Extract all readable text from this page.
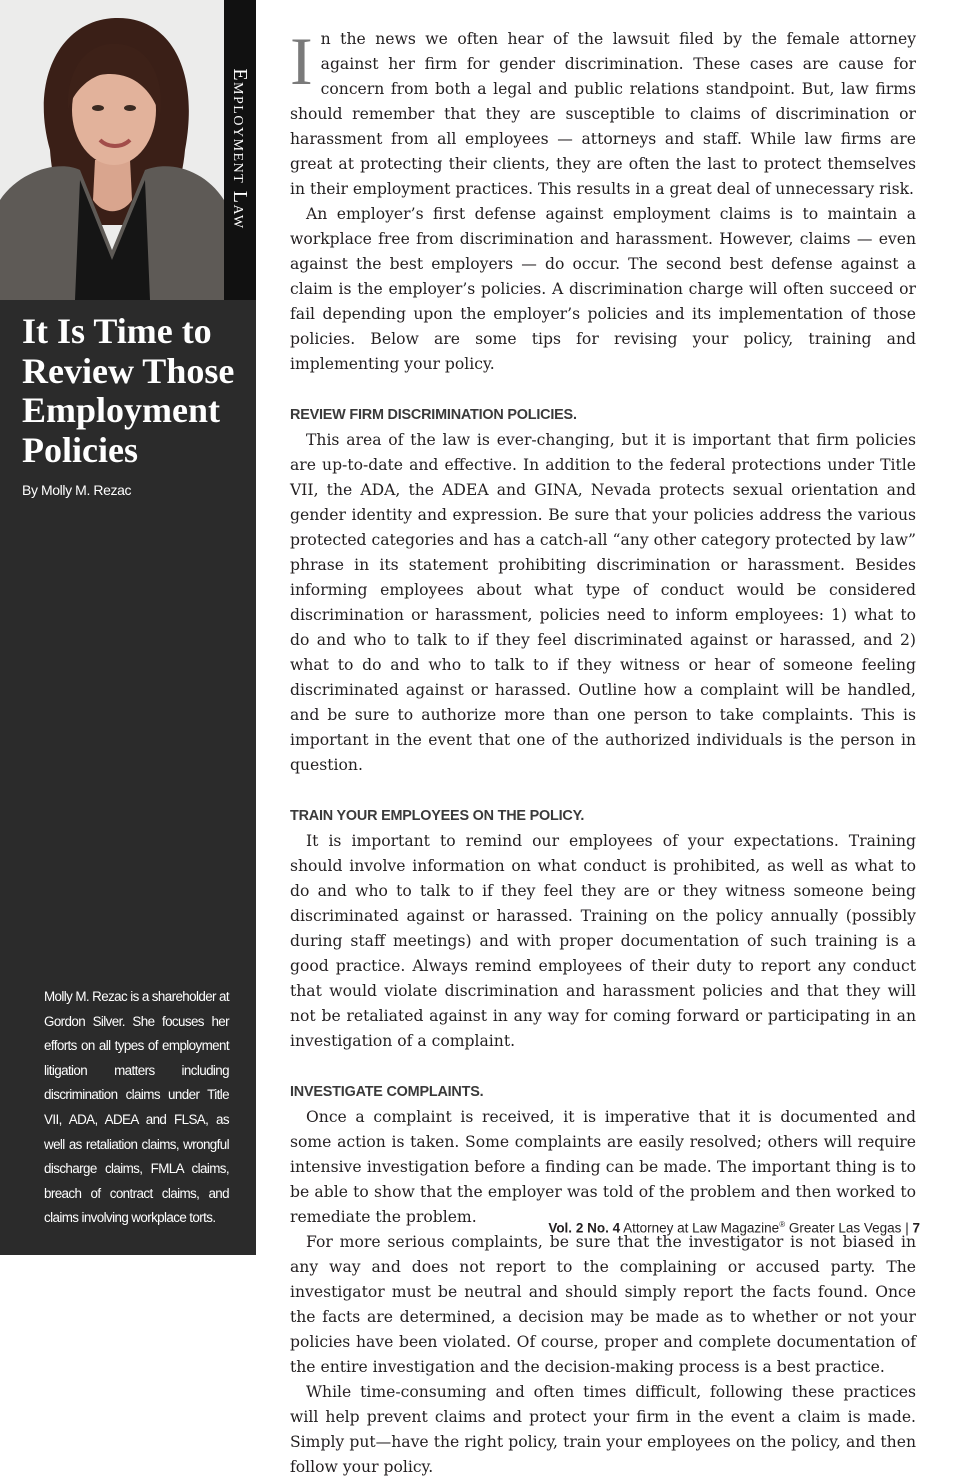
Employment Law
It Is Time to Review Those Employment Policies
By Molly M. Rezac

Molly M. Rezac is a shareholder at Gordon Silver. She focuses her efforts on all types of employment litigation matters including discrimination claims under Title VII, ADA, ADEA and FLSA, as well as retaliation claims, wrongful discharge claims, FMLA claims, breach of contract claims, and claims involving workplace torts.

In the news we often hear of the lawsuit filed by the female attorney against her firm for gender discrimination. These cases are cause for concern from both a legal and public relations standpoint. But, law firms should remember that they are susceptible to claims of discrimination or harassment from all employees — attorneys and staff. While law firms are great at protecting their clients, they are often the last to protect themselves in their employment practices. This results in a great deal of unnecessary risk.

An employer’s first defense against employment claims is to maintain a workplace free from discrimination and harassment. However, claims — even against the best employers — do occur. The second best defense against a claim is the employer’s policies. A discrimination charge will often succeed or fail depending upon the employer’s policies and its implementation of those policies. Below are some tips for revising your policy, training and implementing your policy.

REVIEW FIRM DISCRIMINATION POLICIES.

This area of the law is ever-changing, but it is important that firm policies are up-to-date and effective. In addition to the federal protections under Title VII, the ADA, the ADEA and GINA, Nevada protects sexual orientation and gender identity and expression. Be sure that your policies address the various protected categories and has a catch-all “any other category protected by law” phrase in its statement prohibiting discrimination or harassment. Besides informing employees about what type of conduct would be considered discrimination or harassment, policies need to inform employees: 1) what to do and who to talk to if they feel discriminated against or harassed, and 2) what to do and who to talk to if they witness or hear of someone feeling discriminated against or harassed. Outline how a complaint will be handled, and be sure to authorize more than one person to take complaints. This is important in the event that one of the authorized individuals is the person in question.

TRAIN YOUR EMPLOYEES ON THE POLICY.

It is important to remind our employees of your expectations. Training should involve information on what conduct is prohibited, as well as what to do and who to talk to if they feel they are or they witness someone being discriminated against or harassed. Training on the policy annually (possibly during staff meetings) and with proper documentation of such training is a good practice. Always remind employees of their duty to report any conduct that would violate discrimination and harassment policies and that they will not be retaliated against in any way for coming forward or participating in an investigation of a complaint.

INVESTIGATE COMPLAINTS.

Once a complaint is received, it is imperative that it is documented and some action is taken. Some complaints are easily resolved; others will require intensive investigation before a finding can be made. The important thing is to be able to show that the employer was told of the problem and then worked to remediate the problem.

For more serious complaints, be sure that the investigator is not biased in any way and does not report to the complaining or accused party. The investigator must be neutral and should simply report the facts found. Once the facts are determined, a decision may be made as to whether or not your policies have been violated. Of course, proper and complete documentation of the entire investigation and the decision-making process is a best practice.

While time-consuming and often times difficult, following these practices will help prevent claims and protect your firm in the event a claim is made. Simply put—have the right policy, train your employees on the policy, and then follow your policy.

Vol. 2 No. 4 Attorney at Law Magazine® Greater Las Vegas | 7
